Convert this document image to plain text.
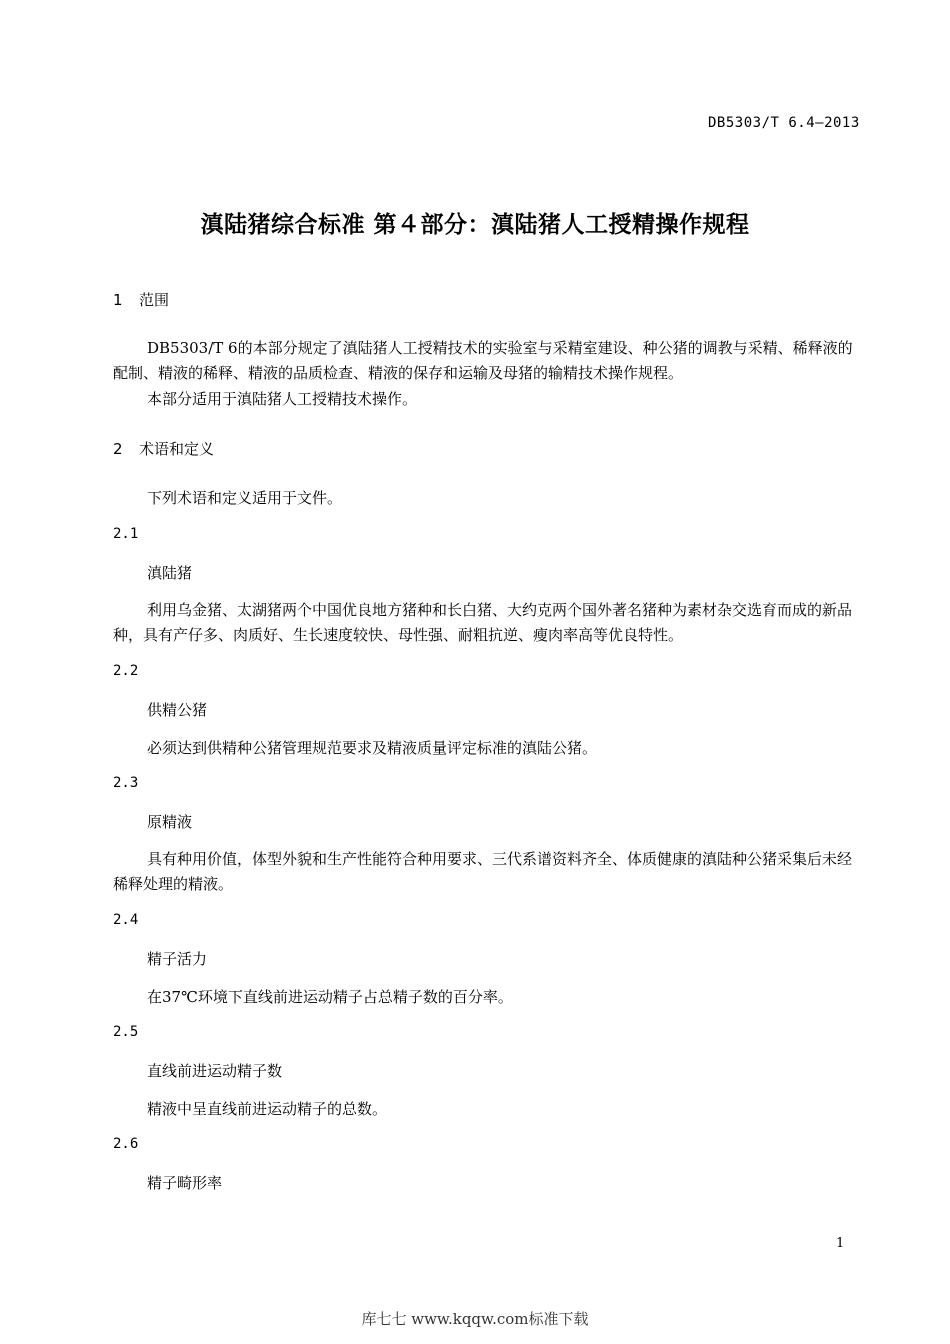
DB5303/T 6.4—2013
滇陆猪综合标准 第４部分：滇陆猪人工授精操作规程
1 范围
DB5303/T 6的本部分规定了滇陆猪人工授精技术的实验室与采精室建设、种公猪的调教与采精、稀释液的配制、精液的稀释、精液的品质检查、精液的保存和运输及母猪的输精技术操作规程。
本部分适用于滇陆猪人工授精技术操作。
2 术语和定义
下列术语和定义适用于文件。
2.1
滇陆猪
利用乌金猪、太湖猪两个中国优良地方猪种和长白猪、大约克两个国外著名猪种为素材杂交选育而成的新品种，具有产仔多、肉质好、生长速度较快、母性强、耐粗抗逆、瘦肉率高等优良特性。
2.2
供精公猪
必须达到供精种公猪管理规范要求及精液质量评定标准的滇陆公猪。
2.3
原精液
具有种用价值，体型外貌和生产性能符合种用要求、三代系谱资料齐全、体质健康的滇陆种公猪采集后未经稀释处理的精液。
2.4
精子活力
在37℃环境下直线前进运动精子占总精子数的百分率。
2.5
直线前进运动精子数
精液中呈直线前进运动精子的总数。
2.6
精子畸形率
1
库七七 www.kqqw.com标准下载
